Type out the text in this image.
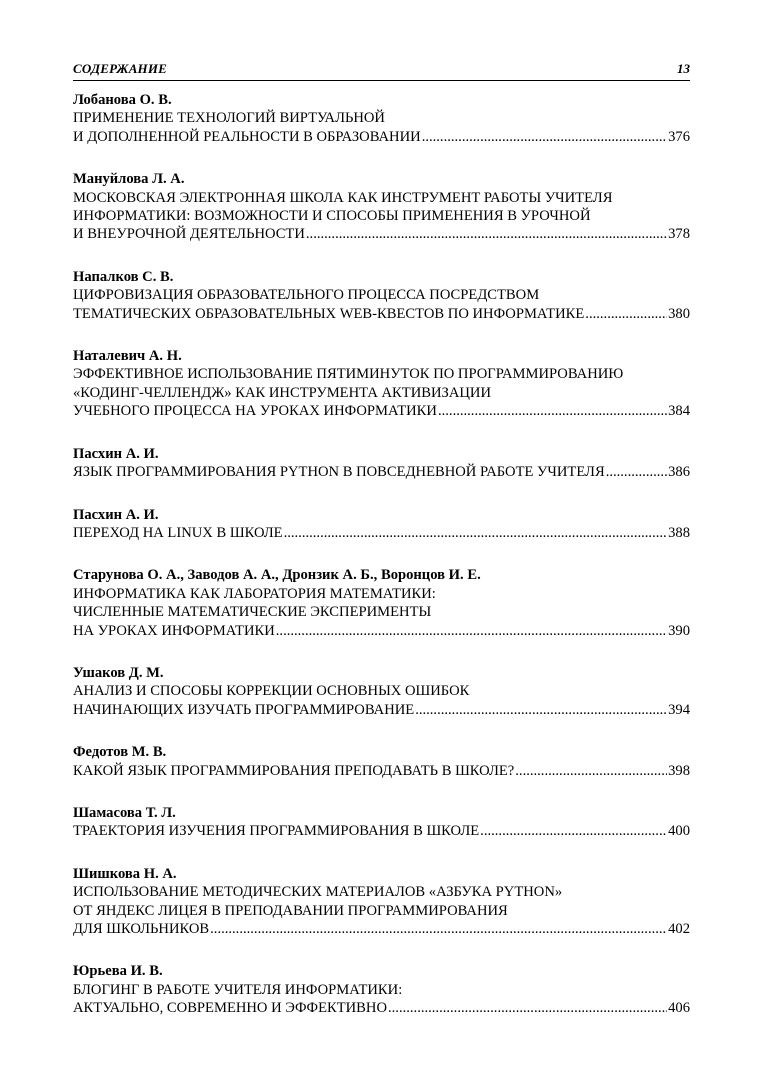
СОДЕРЖАНИЕ	13
Лобанова О. В.
ПРИМЕНЕНИЕ ТЕХНОЛОГИЙ ВИРТУАЛЬНОЙ
И ДОПОЛНЕННОЙ РЕАЛЬНОСТИ В ОБРАЗОВАНИИ .....	376
Мануйлова Л. А.
МОСКОВСКАЯ ЭЛЕКТРОННАЯ ШКОЛА КАК ИНСТРУМЕНТ РАБОТЫ УЧИТЕЛЯ
ИНФОРМАТИКИ: ВОЗМОЖНОСТИ И СПОСОБЫ ПРИМЕНЕНИЯ В УРОЧНОЙ
И ВНЕУРОЧНОЙ ДЕЯТЕЛЬНОСТИ .....	378
Напалков С. В.
ЦИФРОВИЗАЦИЯ ОБРАЗОВАТЕЛЬНОГО ПРОЦЕССА ПОСРЕДСТВОМ
ТЕМАТИЧЕСКИХ ОБРАЗОВАТЕЛЬНЫХ WEB-КВЕСТОВ ПО ИНФОРМАТИКЕ .....	380
Наталевич А. Н.
ЭФФЕКТИВНОЕ ИСПОЛЬЗОВАНИЕ ПЯТИМИНУТОК ПО ПРОГРАММИРОВАНИЮ
«КОДИНГ-ЧЕЛЛЕНДЖ» КАК ИНСТРУМЕНТА АКТИВИЗАЦИИ
УЧЕБНОГО ПРОЦЕССА НА УРОКАХ ИНФОРМАТИКИ .....	384
Пасхин А. И.
ЯЗЫК ПРОГРАММИРОВАНИЯ PYTHON В ПОВСЕДНЕВНОЙ РАБОТЕ УЧИТЕЛЯ .....	386
Пасхин А. И.
ПЕРЕХОД НА LINUX В ШКОЛЕ .....	388
Старунова О. А., Заводов А. А., Дронзик А. Б., Воронцов И. Е.
ИНФОРМАТИКА КАК ЛАБОРАТОРИЯ МАТЕМАТИКИ:
ЧИСЛЕННЫЕ МАТЕМАТИЧЕСКИЕ ЭКСПЕРИМЕНТЫ
НА УРОКАХ ИНФОРМАТИКИ .....	390
Ушаков Д. М.
АНАЛИЗ И СПОСОБЫ КОРРЕКЦИИ ОСНОВНЫХ ОШИБОК
НАЧИНАЮЩИХ ИЗУЧАТЬ ПРОГРАММИРОВАНИЕ .....	394
Федотов М. В.
КАКОЙ ЯЗЫК ПРОГРАММИРОВАНИЯ ПРЕПОДАВАТЬ В ШКОЛЕ? .....	398
Шамасова Т. Л.
ТРАЕКТОРИЯ ИЗУЧЕНИЯ ПРОГРАММИРОВАНИЯ В ШКОЛЕ .....	400
Шишкова Н. А.
ИСПОЛЬЗОВАНИЕ МЕТОДИЧЕСКИХ МАТЕРИАЛОВ «АЗБУКА PYTHON»
ОТ ЯНДЕКС ЛИЦЕЯ В ПРЕПОДАВАНИИ ПРОГРАММИРОВАНИЯ
ДЛЯ ШКОЛЬНИКОВ .....	402
Юрьева И. В.
БЛОГИНГ В РАБОТЕ УЧИТЕЛЯ ИНФОРМАТИКИ:
АКТУАЛЬНО, СОВРЕМЕННО И ЭФФЕКТИВНО .....	406
